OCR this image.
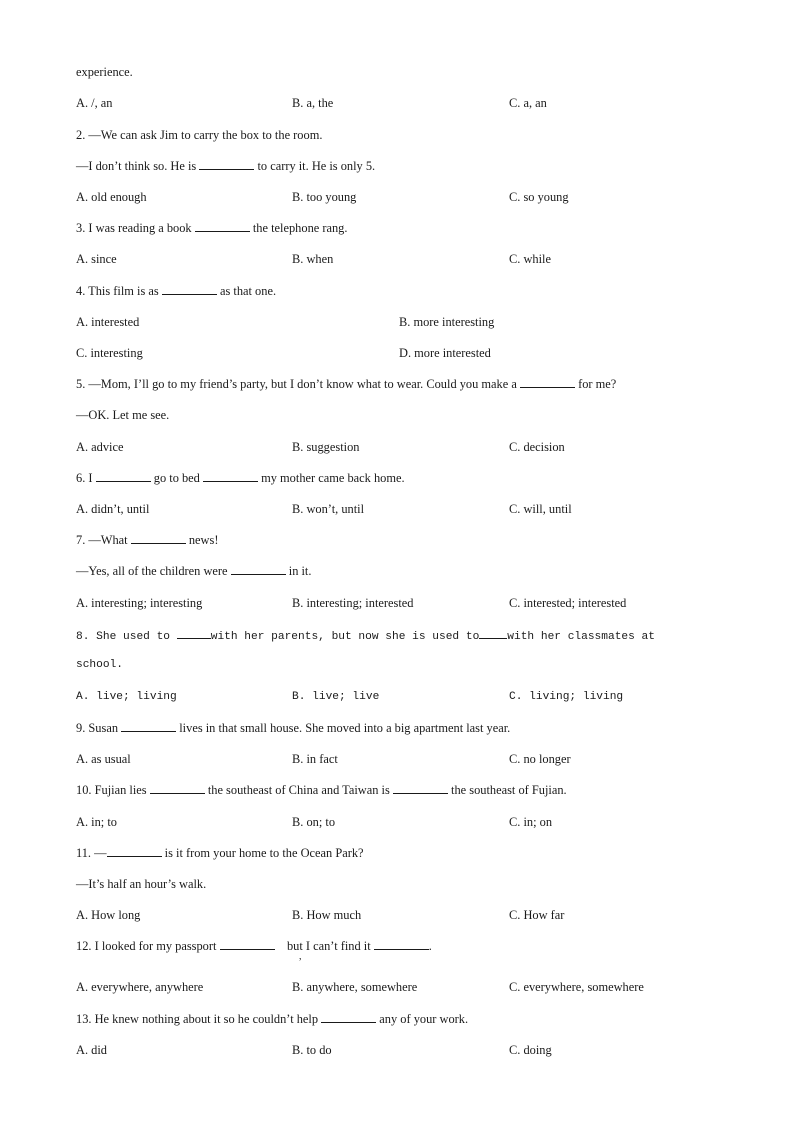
experience.
A. /, an	B. a, the	C. a, an
2. —We can ask Jim to carry the box to the room.
—I don’t think so. He is	to carry it. He is only 5.
A. old enough	B. too young	C. so young
3. I was reading a book	the telephone rang.
A. since	B. when	C. while
4. This film is as	as that one.
A. interested	B. more interesting
C. interesting	D. more interested
5. —Mom, I’ll go to my friend’s party, but I don’t know what to wear. Could you make a	for me?
—OK. Let me see.
A. advice	B. suggestion	C. decision
6. I	go to bed	my mother came back home.
A. didn’t, until	B. won’t, until	C. will, until
7. —What	news!
—Yes, all of the children were	in it.
A. interesting; interesting	B. interesting; interested	C. interested; interested
8. She used to	with her parents, but now she is used to	with her classmates at
school.
A. live; living	B. live; live	C. living; living
9. Susan	lives in that small house. She moved into a big apartment last year.
A. as usual	B. in fact	C. no longer
10. Fujian lies	the southeast of China and Taiwan is	the southeast of Fujian.
A. in; to	B. on; to	C. in; on
11. —	is it from your home to the Ocean Park?
—It’s half an hour’s walk.
A. How long	B. How much	C. How far
12. I looked for my passport	but I can’t find it	.
,
A. everywhere, anywhere	B. anywhere, somewhere	C. everywhere, somewhere
13. He knew nothing about it so he couldn’t help	any of your work.
A. did	B. to do	C. doing
